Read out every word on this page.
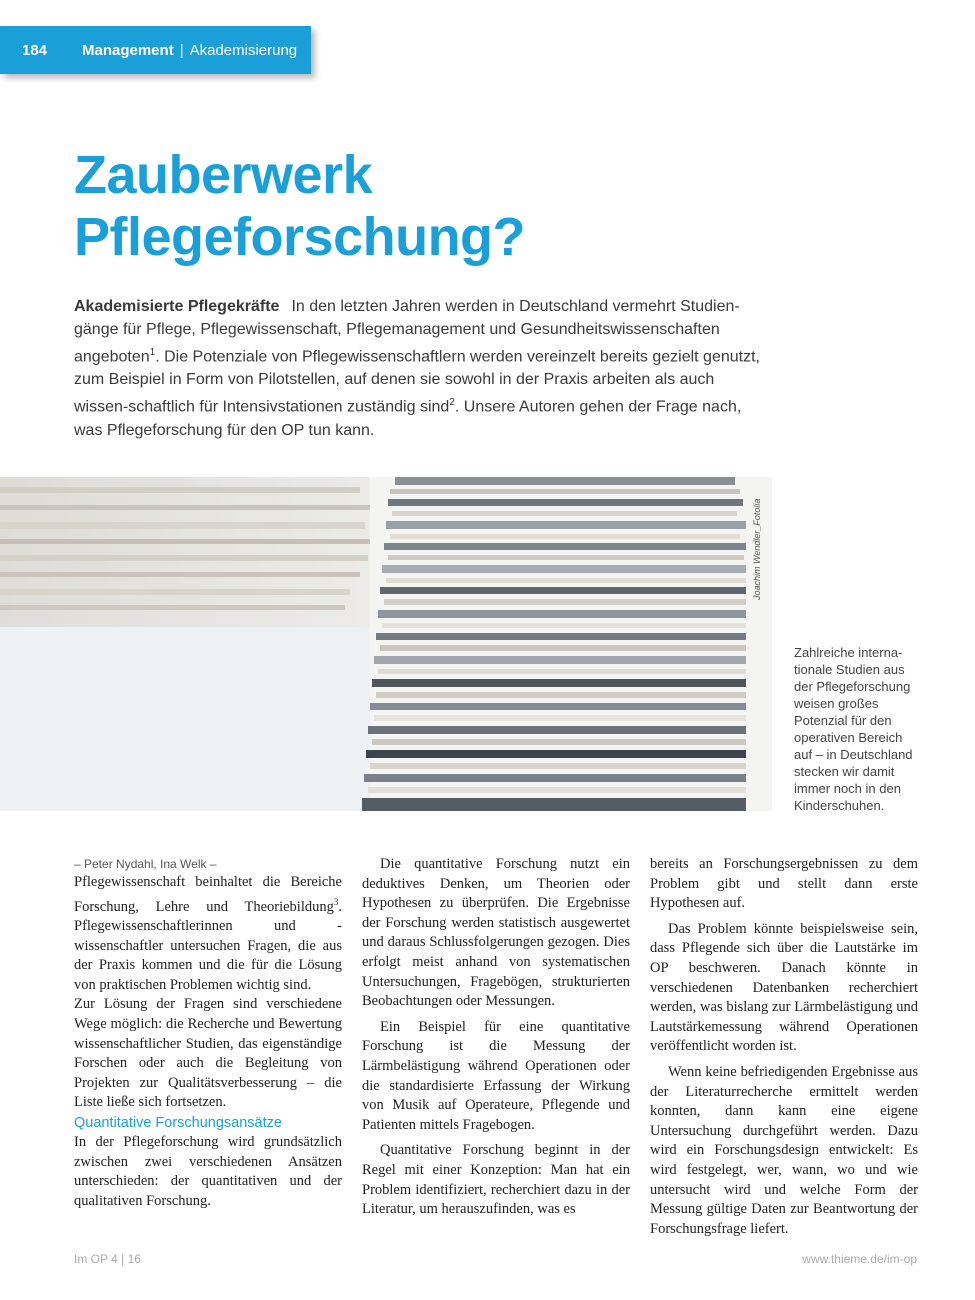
184	Management | Akademisierung
Zauberwerk
Pflegeforschung?
Akademisierte Pflegekräfte In den letzten Jahren werden in Deutschland vermehrt Studien-gänge für Pflege, Pflegewissenschaft, Pflegemanagement und Gesundheitswissenschaften angeboten$^1$. Die Potenziale von Pflegewissenschaftlern werden vereinzelt bereits gezielt genutzt, zum Beispiel in Form von Pilotstellen, auf denen sie sowohl in der Praxis arbeiten als auch wissen-schaftlich für Intensivstationen zuständig sind$^2$. Unsere Autoren gehen der Frage nach, was Pflegeforschung für den OP tun kann.
Joachim Wendler_Fotolia
Zahlreiche interna-tionale Studien aus der Pflegeforschung weisen großes Potenzial für den operativen Bereich auf – in Deutschland stecken wir damit immer noch in den Kinderschuhen.

– Peter Nydahl, Ina Welk –

Pflegewissenschaft beinhaltet die Bereiche Forschung, Lehre und Theoriebildung$^3$. Pflegewissenschaftlerinnen und -wissenschaftler untersuchen Fragen, die aus der Praxis kommen und die für die Lösung von praktischen Problemen wichtig sind.

Zur Lösung der Fragen sind verschiedene Wege möglich: die Recherche und Bewertung wissenschaftlicher Studien, das eigenständige Forschen oder auch die Begleitung von Projekten zur Qualitätsverbesserung – die Liste ließe sich fortsetzen.

Quantitative Forschungsansätze

In der Pflegeforschung wird grundsätzlich zwischen zwei verschiedenen Ansätzen unterschieden: der quantitativen und der qualitativen Forschung.

Die quantitative Forschung nutzt ein deduktives Denken, um Theorien oder Hypothesen zu überprüfen. Die Ergebnisse der Forschung werden statistisch ausgewertet und daraus Schlussfolgerungen gezogen. Dies erfolgt meist anhand von systematischen Untersuchungen, Fragebögen, strukturierten Beobachtungen oder Messungen.

Ein Beispiel für eine quantitative Forschung ist die Messung der Lärmbelästigung während Operationen oder die standardisierte Erfassung der Wirkung von Musik auf Operateure, Pflegende und Patienten mittels Fragebogen.

Quantitative Forschung beginnt in der Regel mit einer Konzeption: Man hat ein Problem identifiziert, recherchiert dazu in der Literatur, um herauszufinden, was es

bereits an Forschungsergebnissen zu dem Problem gibt und stellt dann erste Hypothesen auf.

Das Problem könnte beispielsweise sein, dass Pflegende sich über die Lautstärke im OP beschweren. Danach könnte in verschiedenen Datenbanken recherchiert werden, was bislang zur Lärmbelästigung und Lautstärkemessung während Operationen veröffentlicht worden ist.

Wenn keine befriedigenden Ergebnisse aus der Literaturrecherche ermittelt werden konnten, dann kann eine eigene Untersuchung durchgeführt werden. Dazu wird ein Forschungsdesign entwickelt: Es wird festgelegt, wer, wann, wo und wie untersucht wird und welche Form der Messung gültige Daten zur Beantwortung der Forschungsfrage liefert.

Im OP 4 | 16	www.thieme.de/im-op
